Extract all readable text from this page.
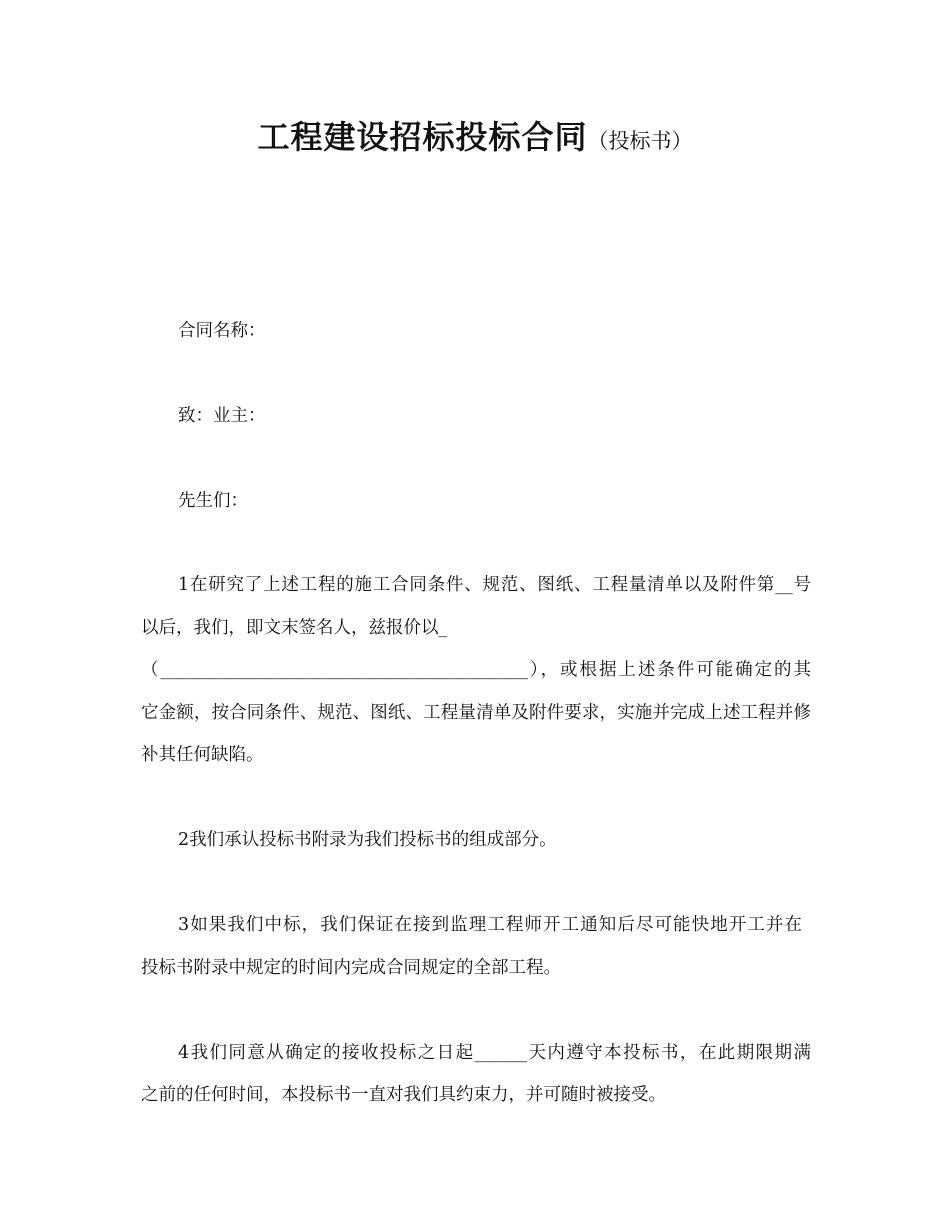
工程建设招标投标合同（投标书）
合同名称：
致：业主：
先生们：
1在研究了上述工程的施工合同条件、规范、图纸、工程量清单以及附件第__号
以后，我们，即文末签名人，兹报价以_
（__________________________________________），或根据上述条件可能确定的其
它金额，按合同条件、规范、图纸、工程量清单及附件要求，实施并完成上述工程并修
补其任何缺陷。
2我们承认投标书附录为我们投标书的组成部分。
3如果我们中标，我们保证在接到监理工程师开工通知后尽可能快地开工并在
投标书附录中规定的时间内完成合同规定的全部工程。
4我们同意从确定的接收投标之日起______天内遵守本投标书，在此期限期满
之前的任何时间，本投标书一直对我们具约束力，并可随时被接受。
